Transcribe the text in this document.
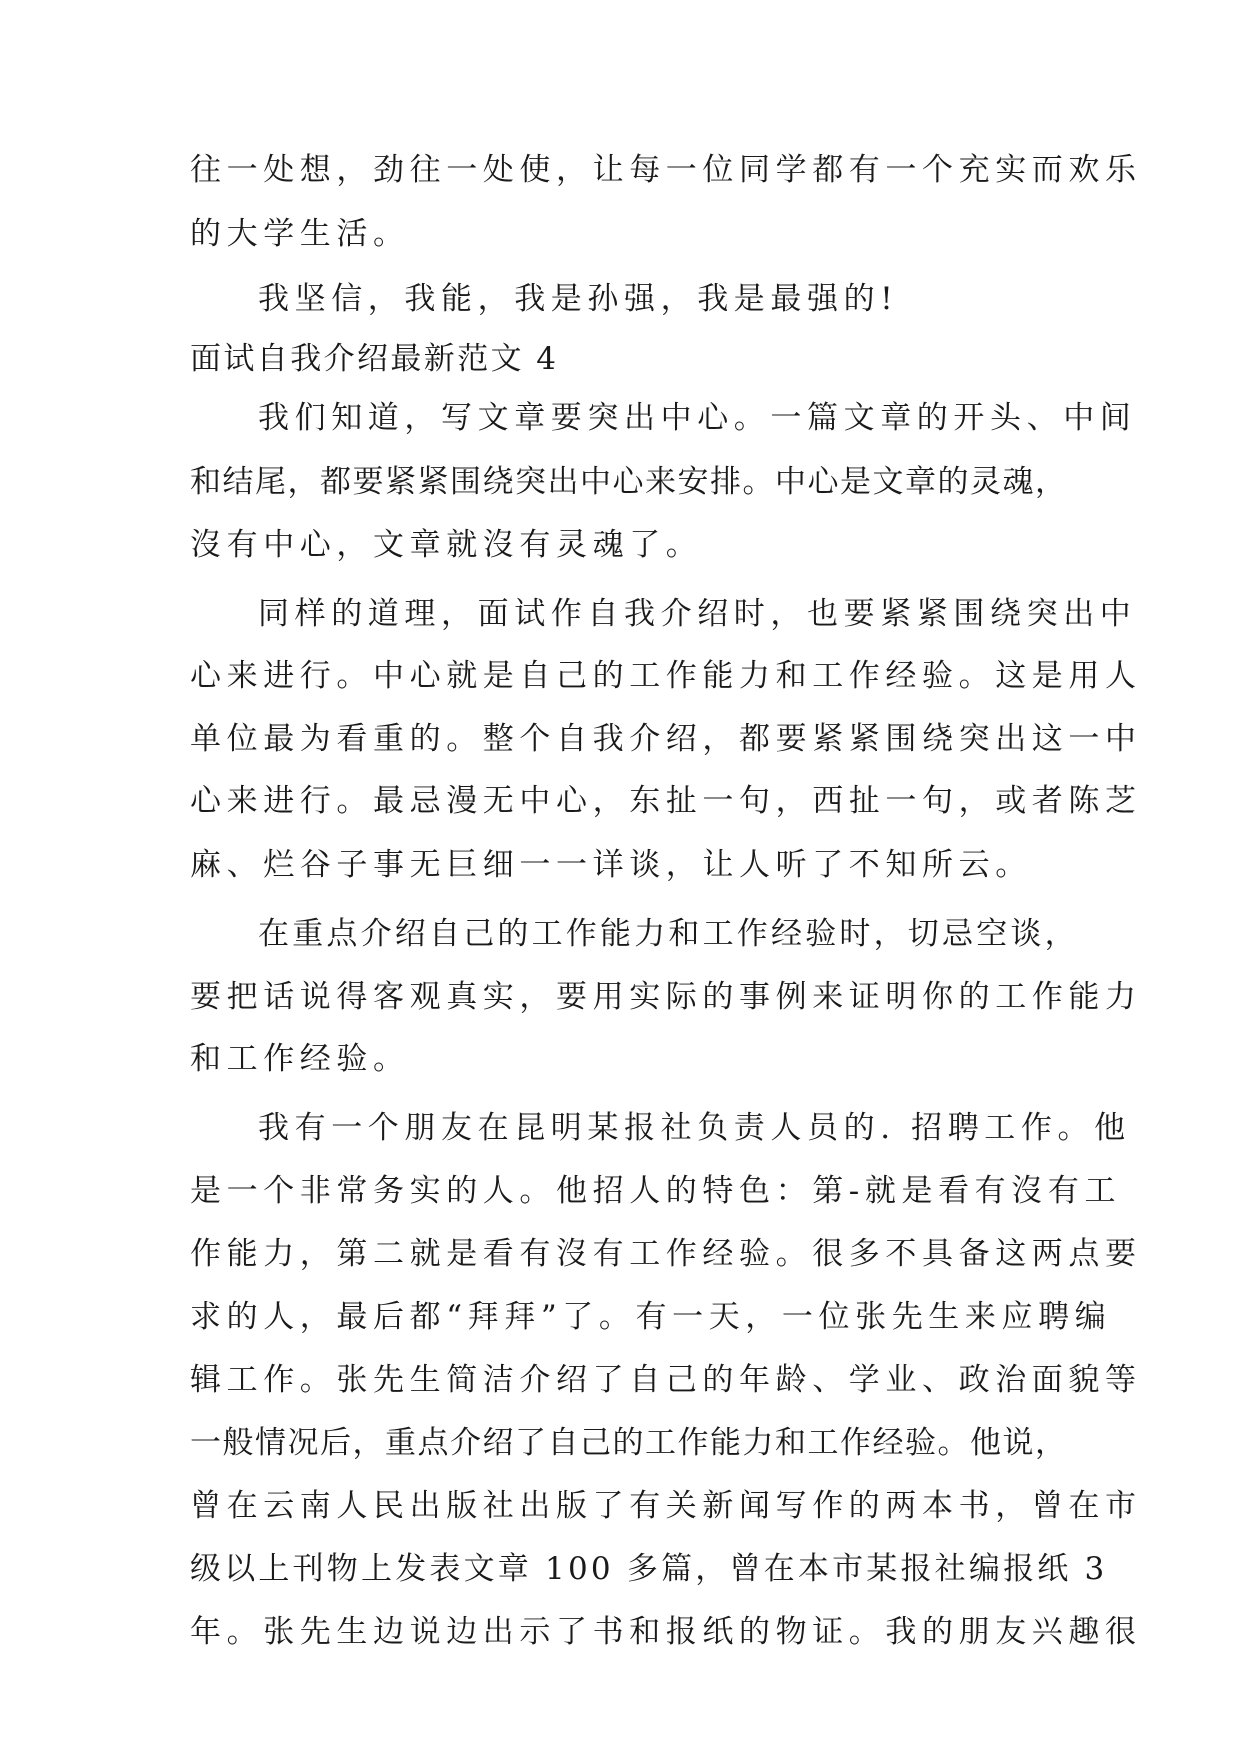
往一处想，劲往一处使，让每一位同学都有一个充实而欢乐
的大学生活。
我坚信，我能，我是孙强，我是最强的!
面试自我介绍最新范文 4
我们知道，写文章要突出中心。一篇文章的开头、中间
和结尾，都要紧紧围绕突出中心来安排。中心是文章的灵魂，
沒有中心，文章就沒有灵魂了。
同样的道理，面试作自我介绍时，也要紧紧围绕突出中
心来进行。中心就是自己的工作能力和工作经验。这是用人
单位最为看重的。整个自我介绍，都要紧紧围绕突出这一中
心来进行。最忌漫无中心，东扯一句，西扯一句，或者陈芝
麻、烂谷子事无巨细一一详谈，让人听了不知所云。
在重点介绍自己的工作能力和工作经验时，切忌空谈，
要把话说得客观真实，要用实际的事例来证明你的工作能力
和工作经验。
我有一个朋友在昆明某报社负责人员的. 招聘工作。他
是一个非常务实的人。他招人的特色：第-就是看有沒有工
作能力，第二就是看有沒有工作经验。很多不具备这两点要
求的人，最后都“拜拜”了。有一天，一位张先生来应聘编
辑工作。张先生简洁介绍了自己的年龄、学业、政治面貌等
一般情况后，重点介绍了自己的工作能力和工作经验。他说，
曾在云南人民出版社出版了有关新闻写作的两本书，曾在市
级以上刊物上发表文章 100 多篇，曾在本市某报社编报纸 3
年。张先生边说边出示了书和报纸的物证。我的朋友兴趣很
